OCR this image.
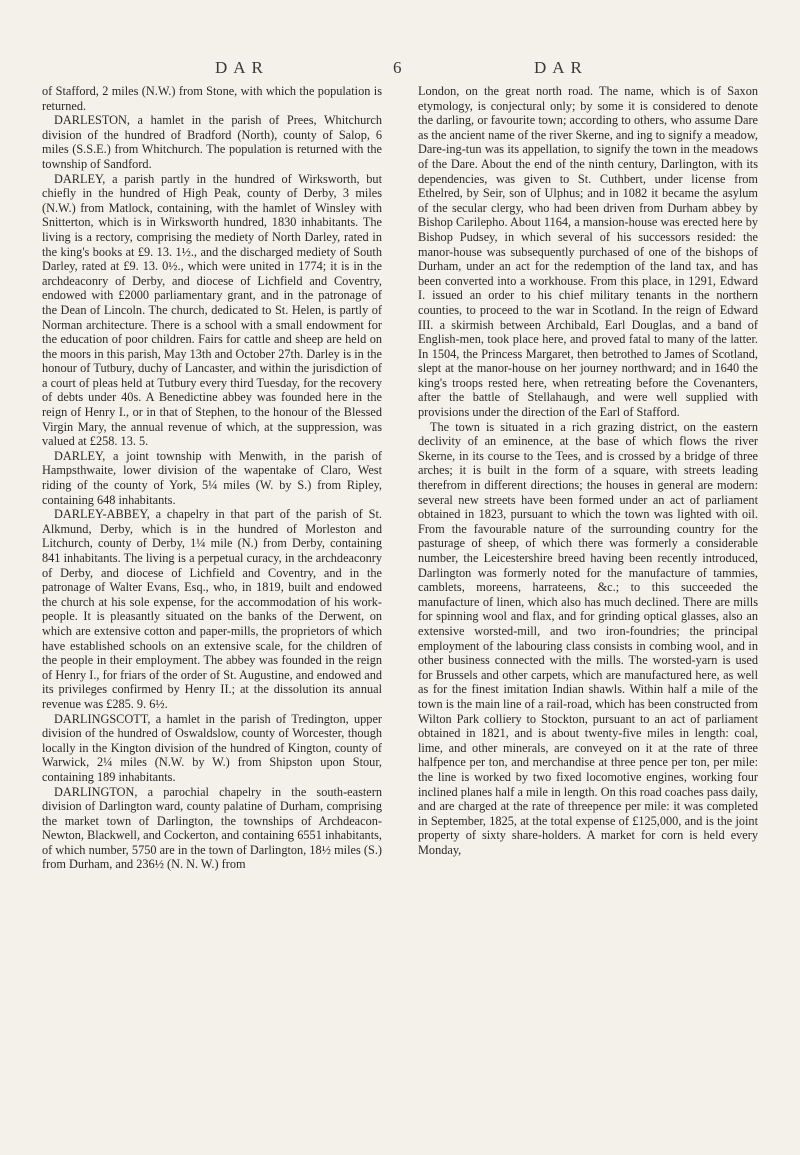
DAR	6	DAR

of Stafford, 2 miles (N.W.) from Stone, with which the population is returned.

DARLESTON, a hamlet in the parish of Prees, Whitchurch division of the hundred of Bradford (North), county of Salop, 6 miles (S.S.E.) from Whitchurch. The population is returned with the township of Sandford.

DARLEY, a parish partly in the hundred of Wirksworth, but chiefly in the hundred of High Peak, county of Derby, 3 miles (N.W.) from Matlock, containing, with the hamlet of Winsley with Snitterton, which is in Wirksworth hundred, 1830 inhabitants. The living is a rectory, comprising the mediety of North Darley, rated in the king's books at £9. 13. 1½., and the discharged mediety of South Darley, rated at £9. 13. 0½., which were united in 1774; it is in the archdeaconry of Derby, and diocese of Lichfield and Coventry, endowed with £2000 parliamentary grant, and in the patronage of the Dean of Lincoln. The church, dedicated to St. Helen, is partly of Norman architecture. There is a school with a small endowment for the education of poor children. Fairs for cattle and sheep are held on the moors in this parish, May 13th and October 27th. Darley is in the honour of Tutbury, duchy of Lancaster, and within the jurisdiction of a court of pleas held at Tutbury every third Tuesday, for the recovery of debts under 40s. A Benedictine abbey was founded here in the reign of Henry I., or in that of Stephen, to the honour of the Blessed Virgin Mary, the annual revenue of which, at the suppression, was valued at £258. 13. 5.

DARLEY, a joint township with Menwith, in the parish of Hampsthwaite, lower division of the wapentake of Claro, West riding of the county of York, 5¼ miles (W. by S.) from Ripley, containing 648 inhabitants.

DARLEY-ABBEY, a chapelry in that part of the parish of St. Alkmund, Derby, which is in the hundred of Morleston and Litchurch, county of Derby, 1¼ mile (N.) from Derby, containing 841 inhabitants. The living is a perpetual curacy, in the archdeaconry of Derby, and diocese of Lichfield and Coventry, and in the patronage of Walter Evans, Esq., who, in 1819, built and endowed the church at his sole expense, for the accommodation of his work-people. It is pleasantly situated on the banks of the Derwent, on which are extensive cotton and paper-mills, the proprietors of which have established schools on an extensive scale, for the children of the people in their employment. The abbey was founded in the reign of Henry I., for friars of the order of St. Augustine, and endowed and its privileges confirmed by Henry II.; at the dissolution its annual revenue was £285. 9. 6½.

DARLINGSCOTT, a hamlet in the parish of Tredington, upper division of the hundred of Oswaldslow, county of Worcester, though locally in the Kington division of the hundred of Kington, county of Warwick, 2¼ miles (N.W. by W.) from Shipston upon Stour, containing 189 inhabitants.

DARLINGTON, a parochial chapelry in the south-eastern division of Darlington ward, county palatine of Durham, comprising the market town of Darlington, the townships of Archdeacon-Newton, Blackwell, and Cockerton, and containing 6551 inhabitants, of which number, 5750 are in the town of Darlington, 18½ miles (S.) from Durham, and 236½ (N. N. W.) from

London, on the great north road. The name, which is of Saxon etymology, is conjectural only; by some it is considered to denote the darling, or favourite town; according to others, who assume Dare as the ancient name of the river Skerne, and ing to signify a meadow, Dare-ing-tun was its appellation, to signify the town in the meadows of the Dare. About the end of the ninth century, Darlington, with its dependencies, was given to St. Cuthbert, under license from Ethelred, by Seir, son of Ulphus; and in 1082 it became the asylum of the secular clergy, who had been driven from Durham abbey by Bishop Carilepho. About 1164, a mansion-house was erected here by Bishop Pudsey, in which several of his successors resided: the manor-house was subsequently purchased of one of the bishops of Durham, under an act for the redemption of the land tax, and has been converted into a workhouse. From this place, in 1291, Edward I. issued an order to his chief military tenants in the northern counties, to proceed to the war in Scotland. In the reign of Edward III. a skirmish between Archibald, Earl Douglas, and a band of English-men, took place here, and proved fatal to many of the latter. In 1504, the Princess Margaret, then betrothed to James of Scotland, slept at the manor-house on her journey northward; and in 1640 the king's troops rested here, when retreating before the Covenanters, after the battle of Stellahaugh, and were well supplied with provisions under the direction of the Earl of Stafford.

The town is situated in a rich grazing district, on the eastern declivity of an eminence, at the base of which flows the river Skerne, in its course to the Tees, and is crossed by a bridge of three arches; it is built in the form of a square, with streets leading therefrom in different directions; the houses in general are modern: several new streets have been formed under an act of parliament obtained in 1823, pursuant to which the town was lighted with oil. From the favourable nature of the surrounding country for the pasturage of sheep, of which there was formerly a considerable number, the Leicestershire breed having been recently introduced, Darlington was formerly noted for the manufacture of tammies, camblets, moreens, harrateens, &c.; to this succeeded the manufacture of linen, which also has much declined. There are mills for spinning wool and flax, and for grinding optical glasses, also an extensive worsted-mill, and two iron-foundries; the principal employment of the labouring class consists in combing wool, and in other business connected with the mills. The worsted-yarn is used for Brussels and other carpets, which are manufactured here, as well as for the finest imitation Indian shawls. Within half a mile of the town is the main line of a rail-road, which has been constructed from Wilton Park colliery to Stockton, pursuant to an act of parliament obtained in 1821, and is about twenty-five miles in length: coal, lime, and other minerals, are conveyed on it at the rate of three halfpence per ton, and merchandise at three pence per ton, per mile: the line is worked by two fixed locomotive engines, working four inclined planes half a mile in length. On this road coaches pass daily, and are charged at the rate of threepence per mile: it was completed in September, 1825, at the total expense of £125,000, and is the joint property of sixty share-holders. A market for corn is held every Monday,
